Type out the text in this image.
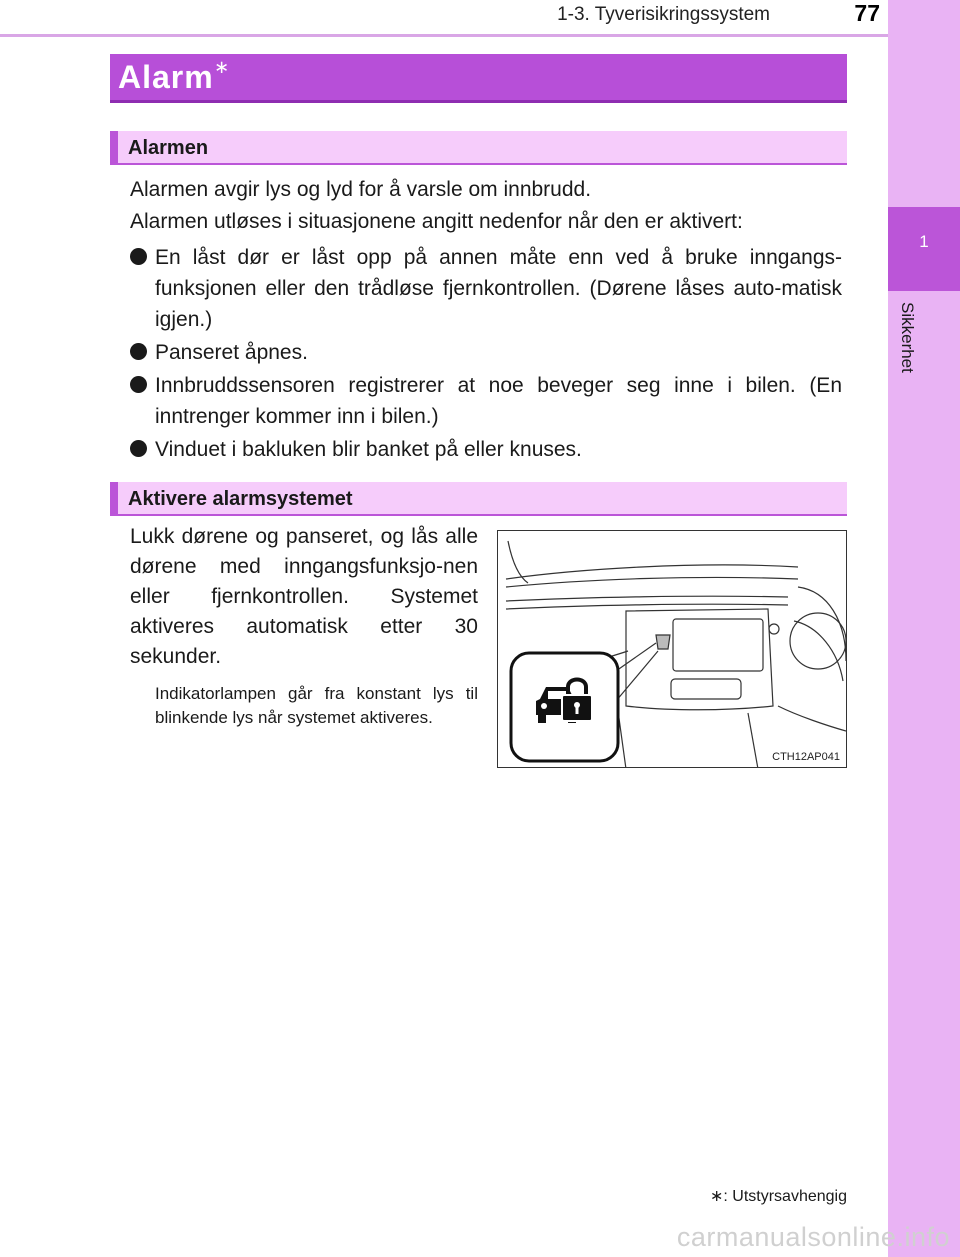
1-3. Tyverisikringssystem	77
1
Sikkerhet
Alarm ∗
Alarmen
Alarmen avgir lys og lyd for å varsle om innbrudd.
Alarmen utløses i situasjonene angitt nedenfor når den er aktivert:
En låst dør er låst opp på annen måte enn ved å bruke inngangs-funksjonen eller den trådløse fjernkontrollen. (Dørene låses auto-matisk igjen.)
Panseret åpnes.
Innbruddssensoren registrerer at noe beveger seg inne i bilen. (En inntrenger kommer inn i bilen.)
Vinduet i bakluken blir banket på eller knuses.
Aktivere alarmsystemet
Lukk dørene og panseret, og lås alle dørene med inngangsfunksjo-nen eller fjernkontrollen. Systemet aktiveres automatisk etter 30 sekunder.
Indikatorlampen går fra konstant lys til blinkende lys når systemet aktiveres.
CTH12AP041
∗: Utstyrsavhengig
carmanualsonline.info
